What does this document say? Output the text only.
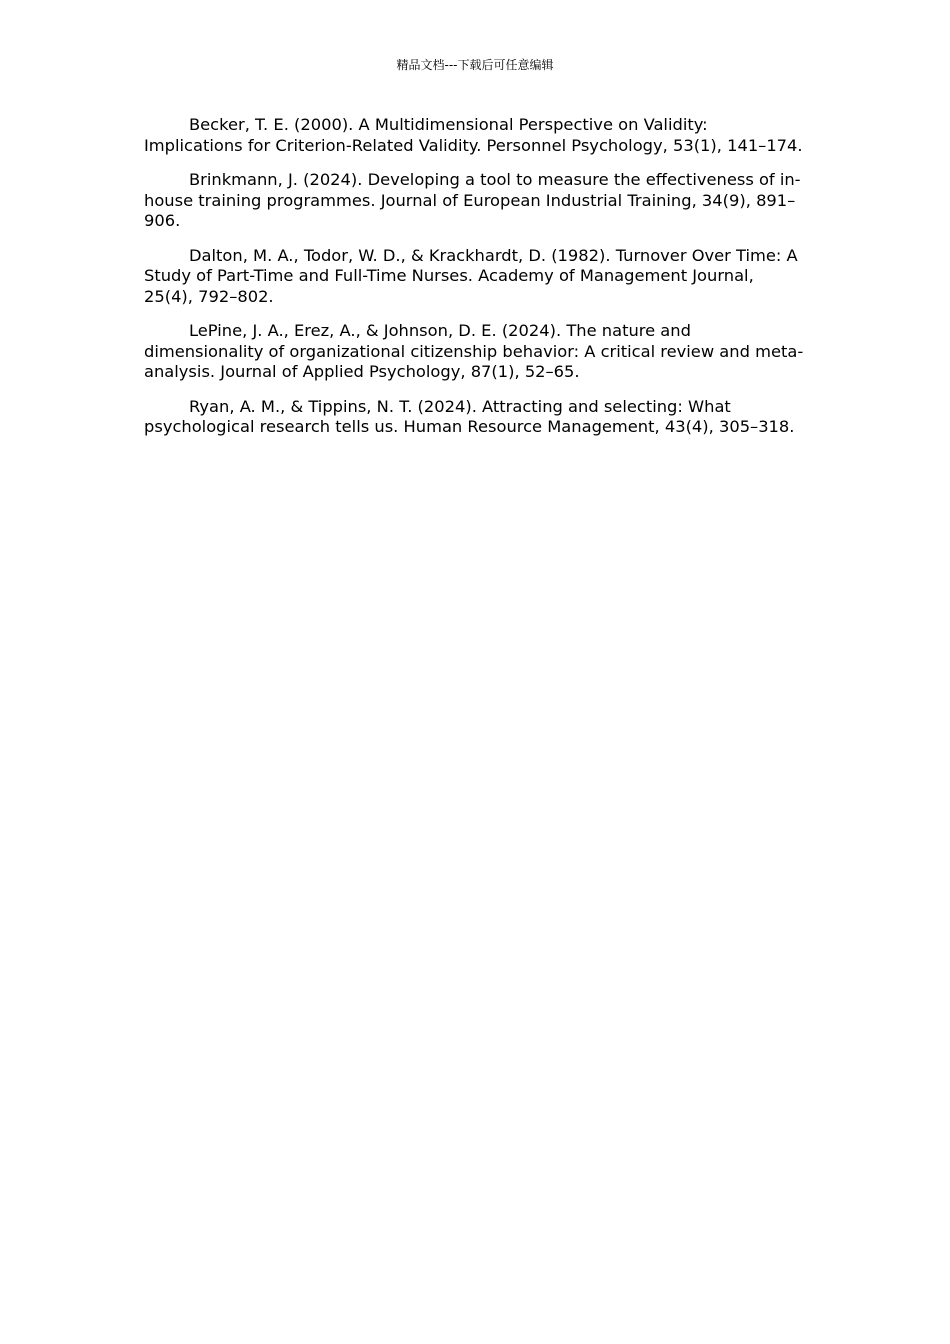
精品文档---下载后可任意编辑

Becker, T. E. (2000). A Multidimensional Perspective on Validity: Implications for Criterion-Related Validity. Personnel Psychology, 53(1), 141–174.

Brinkmann, J. (2024). Developing a tool to measure the effectiveness of in-house training programmes. Journal of European Industrial Training, 34(9), 891–906.

Dalton, M. A., Todor, W. D., & Krackhardt, D. (1982). Turnover Over Time: A Study of Part-Time and Full-Time Nurses. Academy of Management Journal, 25(4), 792–802.

LePine, J. A., Erez, A., & Johnson, D. E. (2024). The nature and dimensionality of organizational citizenship behavior: A critical review and meta-analysis. Journal of Applied Psychology, 87(1), 52–65.

Ryan, A. M., & Tippins, N. T. (2024). Attracting and selecting: What psychological research tells us. Human Resource Management, 43(4), 305–318.
